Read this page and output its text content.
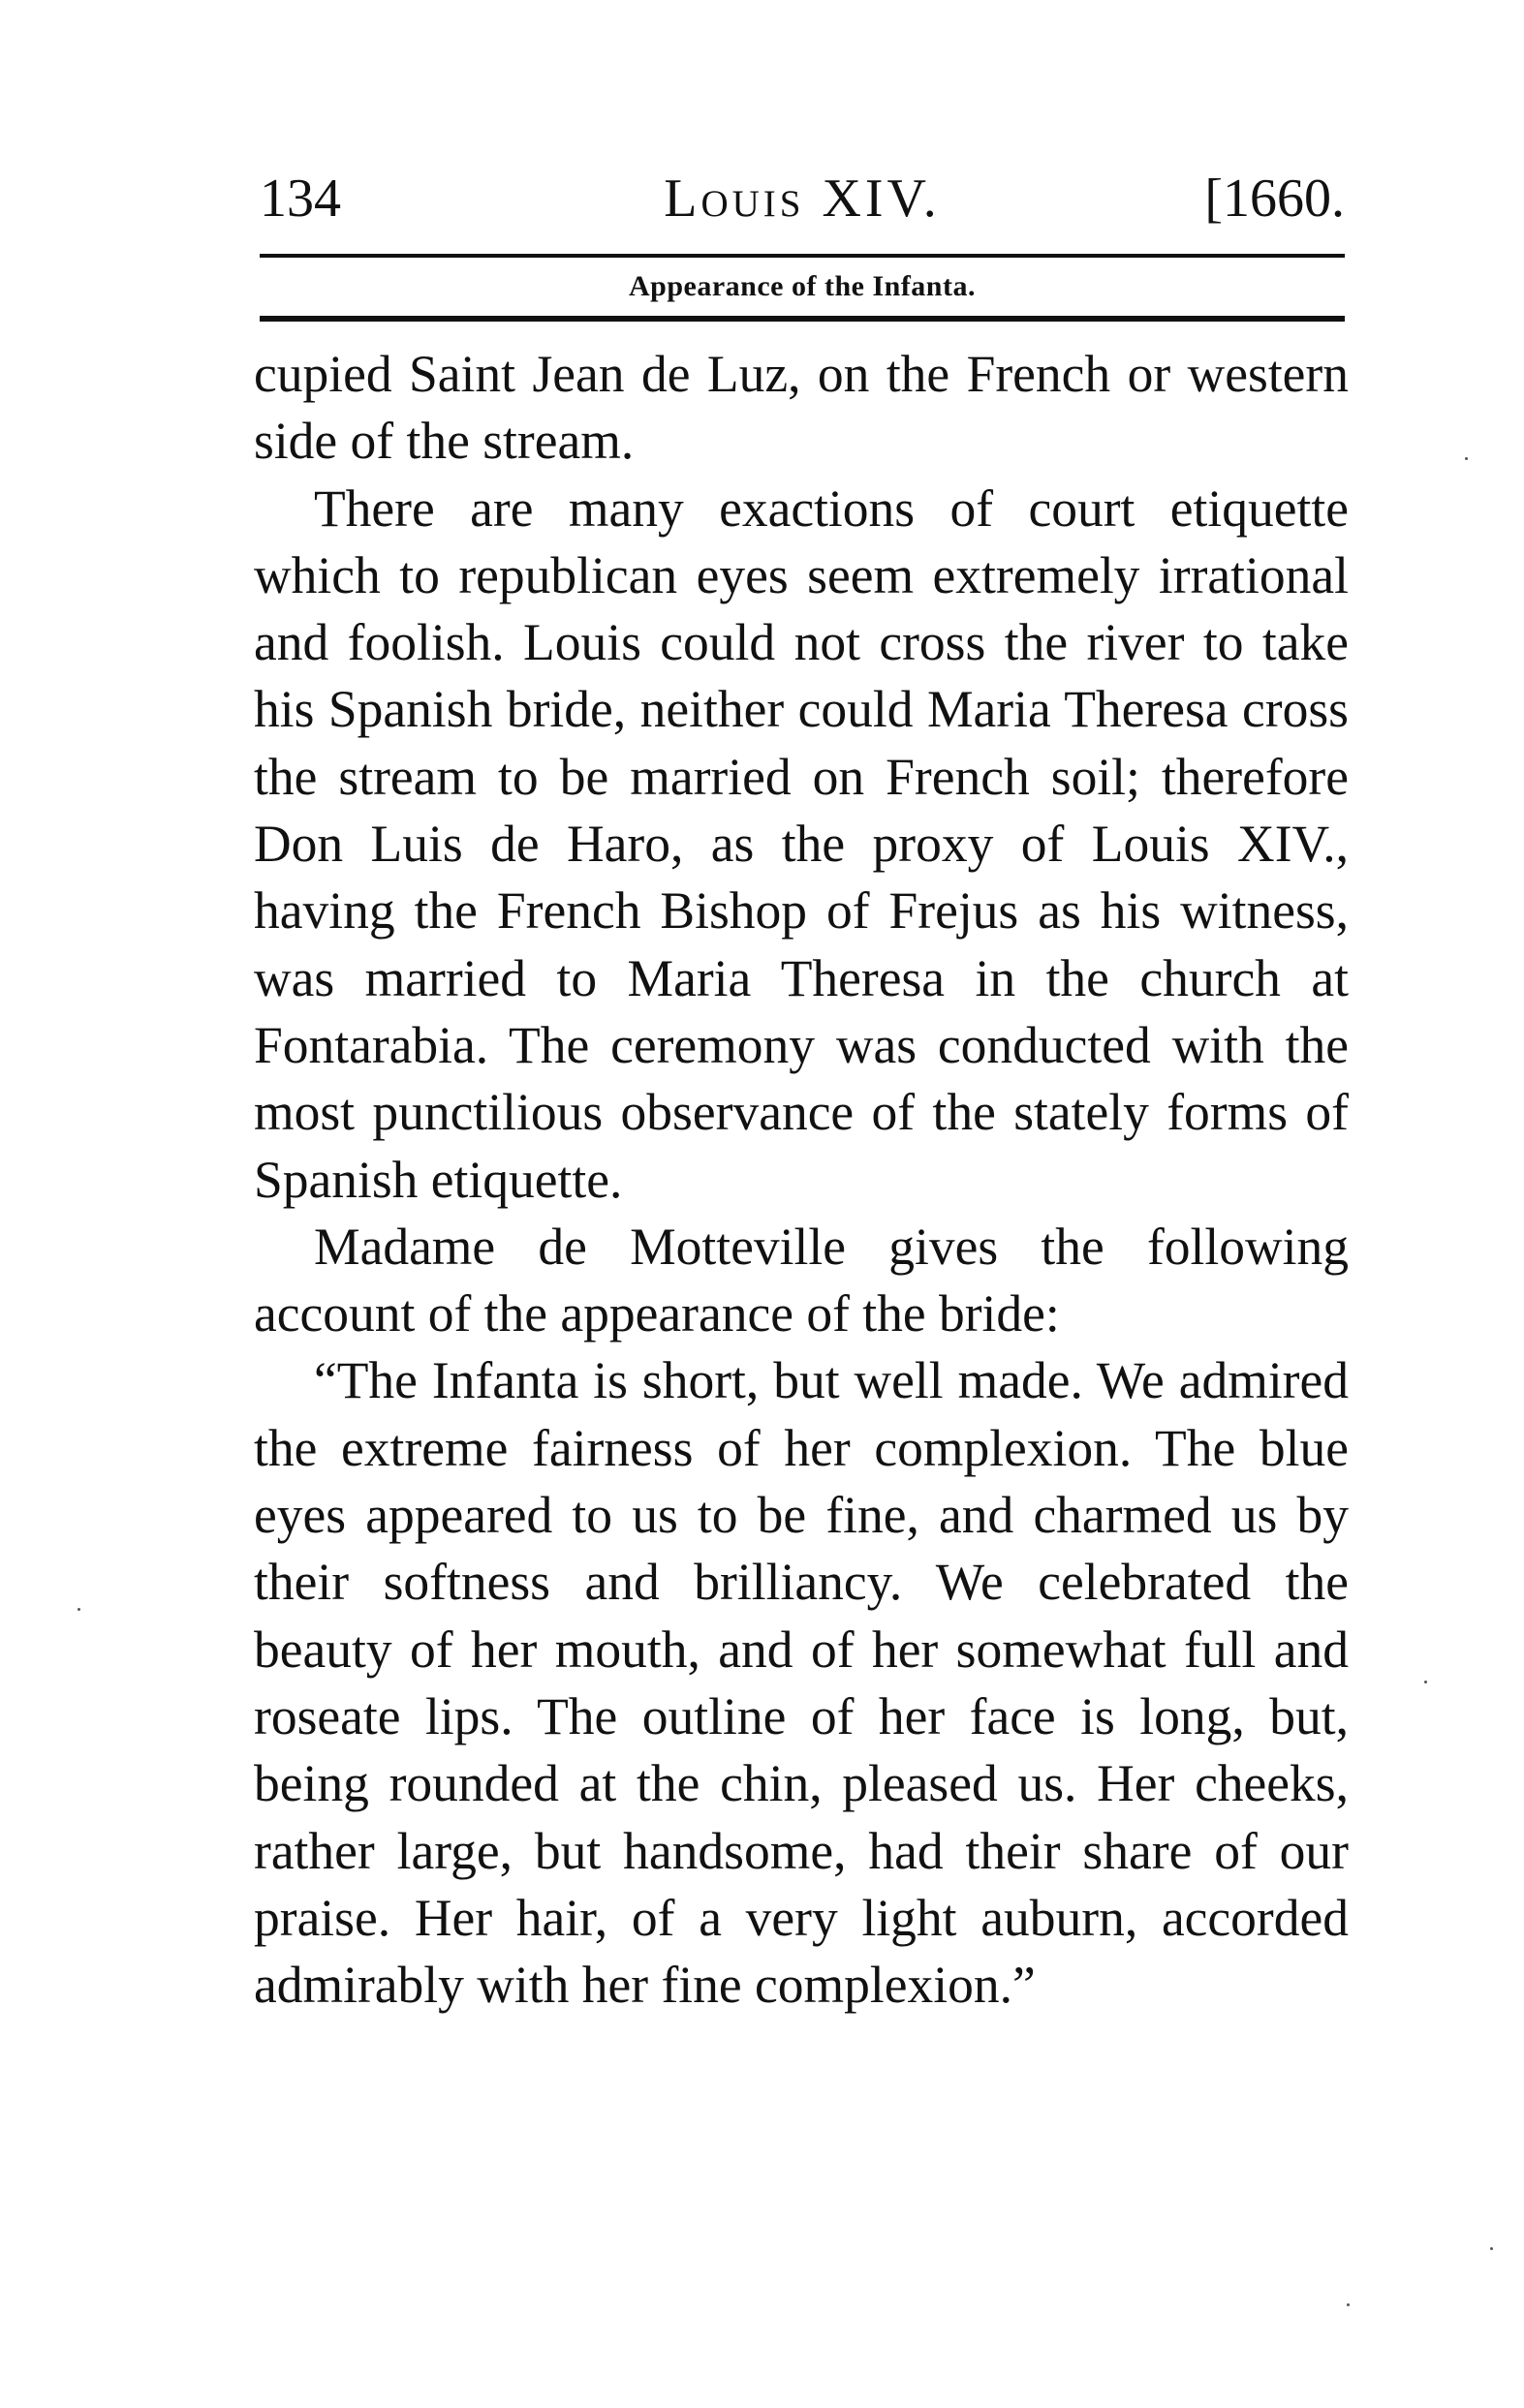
134	Louis XIV.	[1660.
Appearance of the Infanta.

cupied Saint Jean de Luz, on the French or western side of the stream.

There are many exactions of court etiquette which to republican eyes seem extremely irrational and foolish. Louis could not cross the river to take his Spanish bride, neither could Maria Theresa cross the stream to be married on French soil; therefore Don Luis de Haro, as the proxy of Louis XIV., having the French Bishop of Frejus as his witness, was married to Maria Theresa in the church at Fontarabia. The ceremony was conducted with the most punctilious observance of the stately forms of Spanish etiquette.

Madame de Motteville gives the following account of the appearance of the bride:

“The Infanta is short, but well made. We admired the extreme fairness of her complexion. The blue eyes appeared to us to be fine, and charmed us by their softness and brilliancy. We celebrated the beauty of her mouth, and of her somewhat full and roseate lips. The outline of her face is long, but, being rounded at the chin, pleased us. Her cheeks, rather large, but handsome, had their share of our praise. Her hair, of a very light auburn, accorded admirably with her fine complexion.”
